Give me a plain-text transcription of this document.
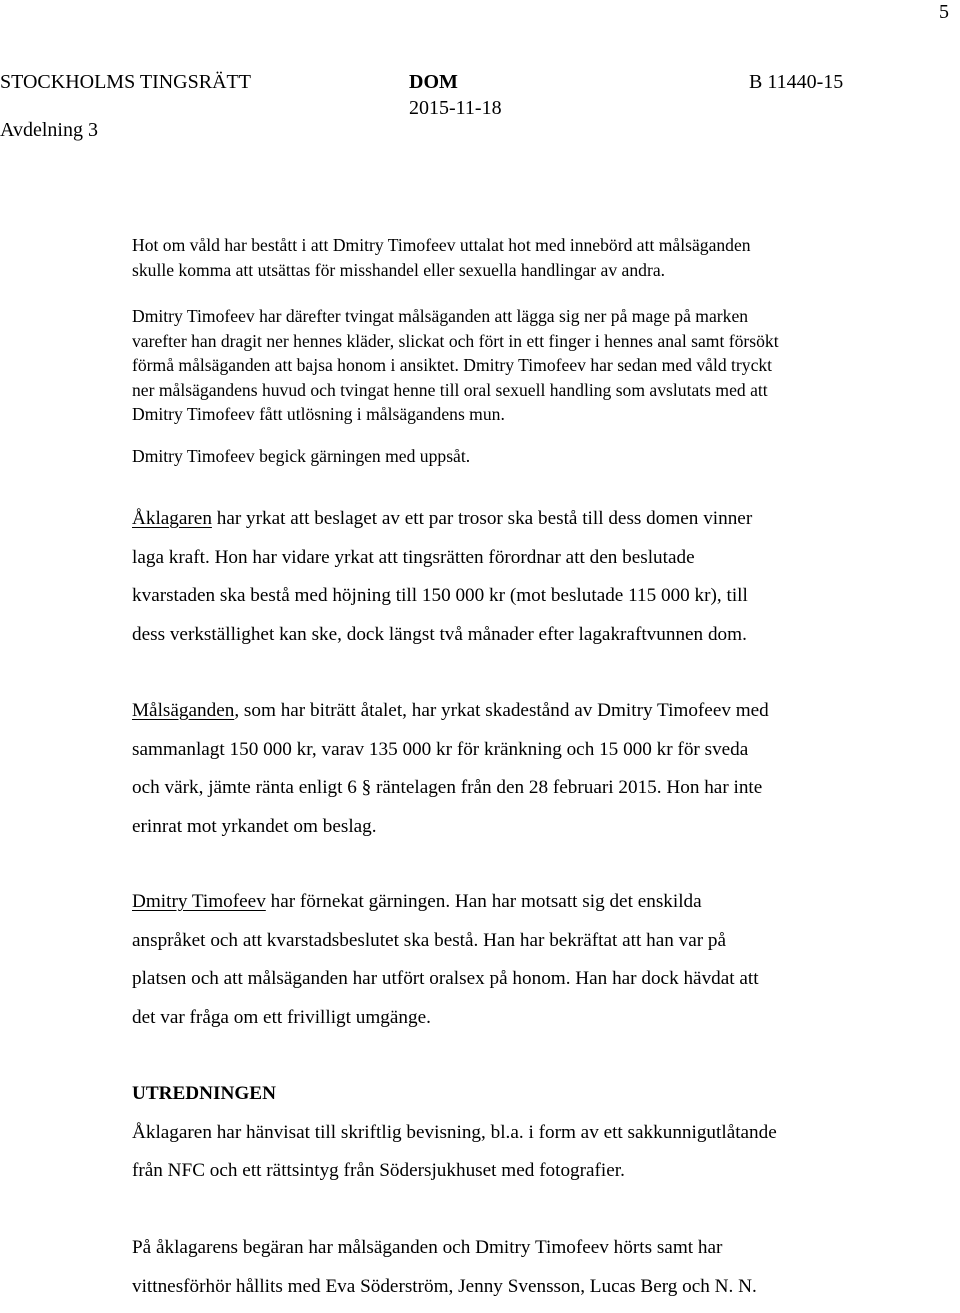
5
STOCKHOLMS TINGSRÄTT
Avdelning 3
DOM
2015-11-18
B 11440-15
Hot om våld har bestått i att Dmitry Timofeev uttalat hot med innebörd att målsäganden
skulle komma att utsättas för misshandel eller sexuella handlingar av andra.
Dmitry Timofeev har därefter tvingat målsäganden att lägga sig ner på mage på marken
varefter han dragit ner hennes kläder, slickat och fört in ett finger i hennes anal samt försökt
förmå målsäganden att bajsa honom i ansiktet. Dmitry Timofeev har sedan med våld tryckt
ner målsägandens huvud och tvingat henne till oral sexuell handling som avslutats med att
Dmitry Timofeev fått utlösning i målsägandens mun.
Dmitry Timofeev begick gärningen med uppsåt.
Åklagaren har yrkat att beslaget av ett par trosor ska bestå till dess domen vinner
laga kraft. Hon har vidare yrkat att tingsrätten förordnar att den beslutade
kvarstaden ska bestå med höjning till 150 000 kr (mot beslutade 115 000 kr), till
dess verkställighet kan ske, dock längst två månader efter lagakraftvunnen dom.
Målsäganden, som har biträtt åtalet, har yrkat skadestånd av Dmitry Timofeev med
sammanlagt 150 000 kr, varav 135 000 kr för kränkning och 15 000 kr för sveda
och värk, jämte ränta enligt 6 § räntelagen från den 28 februari 2015. Hon har inte
erinrat mot yrkandet om beslag.
Dmitry Timofeev har förnekat gärningen. Han har motsatt sig det enskilda
anspråket och att kvarstadsbeslutet ska bestå. Han har bekräftat att han var på
platsen och att målsäganden har utfört oralsex på honom. Han har dock hävdat att
det var fråga om ett frivilligt umgänge.
UTREDNINGEN
Åklagaren har hänvisat till skriftlig bevisning, bl.a. i form av ett sakkunnigutlåtande
från NFC och ett rättsintyg från Södersjukhuset med fotografier.
På åklagarens begäran har målsäganden och Dmitry Timofeev hörts samt har
vittnesförhör hållits med Eva Söderström, Jenny Svensson, Lucas Berg och N. N.
